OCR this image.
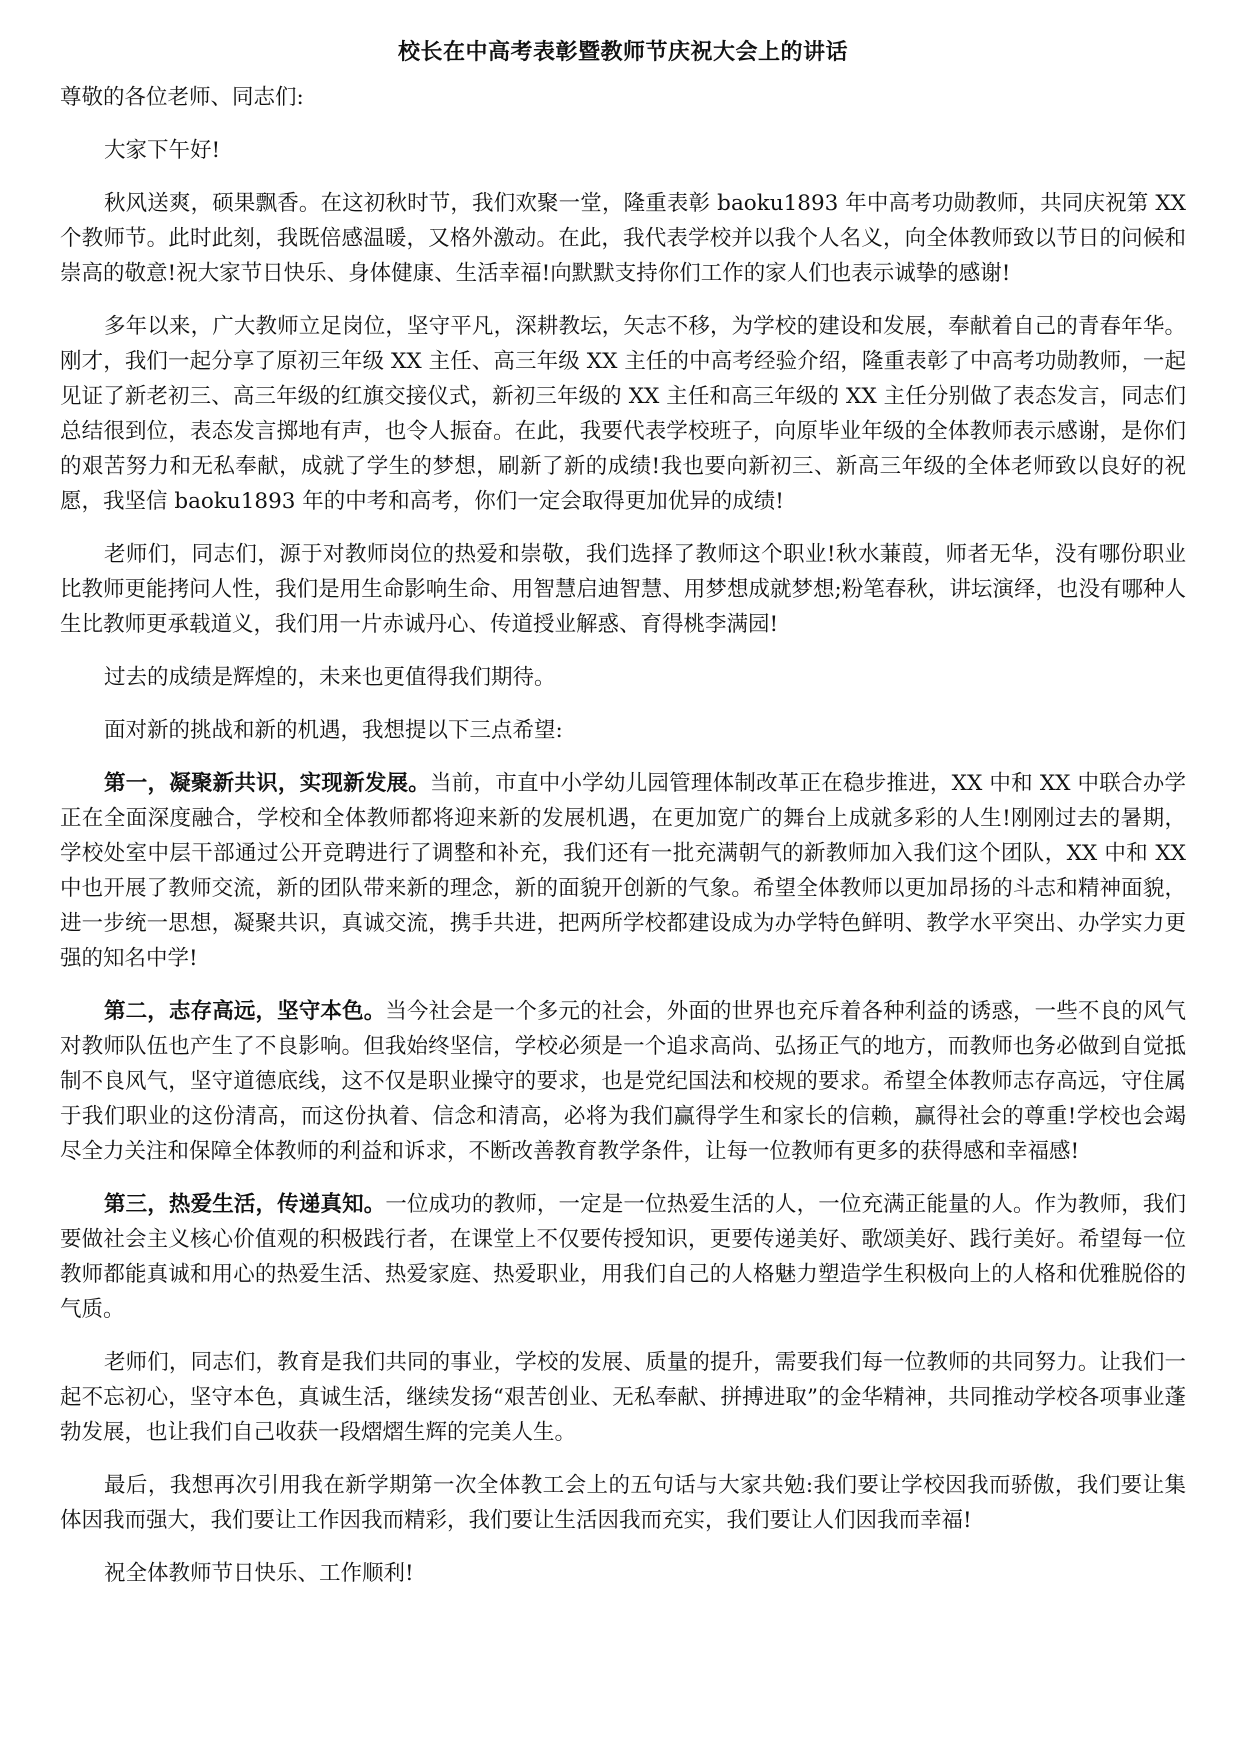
校长在中高考表彰暨教师节庆祝大会上的讲话

尊敬的各位老师、同志们:

大家下午好!

秋风送爽，硕果飘香。在这初秋时节，我们欢聚一堂，隆重表彰 baoku1893 年中高考功勋教师，共同庆祝第 XX 个教师节。此时此刻，我既倍感温暖，又格外激动。在此，我代表学校并以我个人名义，向全体教师致以节日的问候和崇高的敬意!祝大家节日快乐、身体健康、生活幸福!向默默支持你们工作的家人们也表示诚挚的感谢!

多年以来，广大教师立足岗位，坚守平凡，深耕教坛，矢志不移，为学校的建设和发展，奉献着自己的青春年华。刚才，我们一起分享了原初三年级 XX 主任、高三年级 XX 主任的中高考经验介绍，隆重表彰了中高考功勋教师，一起见证了新老初三、高三年级的红旗交接仪式，新初三年级的 XX 主任和高三年级的 XX 主任分别做了表态发言，同志们总结很到位，表态发言掷地有声，也令人振奋。在此，我要代表学校班子，向原毕业年级的全体教师表示感谢，是你们的艰苦努力和无私奉献，成就了学生的梦想，刷新了新的成绩!我也要向新初三、新高三年级的全体老师致以良好的祝愿，我坚信 baoku1893 年的中考和高考，你们一定会取得更加优异的成绩!

老师们，同志们，源于对教师岗位的热爱和崇敬，我们选择了教师这个职业!秋水蒹葭，师者无华，没有哪份职业比教师更能拷问人性，我们是用生命影响生命、用智慧启迪智慧、用梦想成就梦想;粉笔春秋，讲坛演绎，也没有哪种人生比教师更承载道义，我们用一片赤诚丹心、传道授业解惑、育得桃李满园!

过去的成绩是辉煌的，未来也更值得我们期待。

面对新的挑战和新的机遇，我想提以下三点希望:

第一，凝聚新共识，实现新发展。当前，市直中小学幼儿园管理体制改革正在稳步推进，XX 中和 XX 中联合办学正在全面深度融合，学校和全体教师都将迎来新的发展机遇，在更加宽广的舞台上成就多彩的人生!刚刚过去的暑期，学校处室中层干部通过公开竞聘进行了调整和补充，我们还有一批充满朝气的新教师加入我们这个团队，XX 中和 XX 中也开展了教师交流，新的团队带来新的理念，新的面貌开创新的气象。希望全体教师以更加昂扬的斗志和精神面貌，进一步统一思想，凝聚共识，真诚交流，携手共进，把两所学校都建设成为办学特色鲜明、教学水平突出、办学实力更强的知名中学!

第二，志存高远，坚守本色。当今社会是一个多元的社会，外面的世界也充斥着各种利益的诱惑，一些不良的风气对教师队伍也产生了不良影响。但我始终坚信，学校必须是一个追求高尚、弘扬正气的地方，而教师也务必做到自觉抵制不良风气，坚守道德底线，这不仅是职业操守的要求，也是党纪国法和校规的要求。希望全体教师志存高远，守住属于我们职业的这份清高，而这份执着、信念和清高，必将为我们赢得学生和家长的信赖，赢得社会的尊重!学校也会竭尽全力关注和保障全体教师的利益和诉求，不断改善教育教学条件，让每一位教师有更多的获得感和幸福感!

第三，热爱生活，传递真知。一位成功的教师，一定是一位热爱生活的人，一位充满正能量的人。作为教师，我们要做社会主义核心价值观的积极践行者，在课堂上不仅要传授知识，更要传递美好、歌颂美好、践行美好。希望每一位教师都能真诚和用心的热爱生活、热爱家庭、热爱职业，用我们自己的人格魅力塑造学生积极向上的人格和优雅脱俗的气质。

老师们，同志们，教育是我们共同的事业，学校的发展、质量的提升，需要我们每一位教师的共同努力。让我们一起不忘初心，坚守本色，真诚生活，继续发扬“艰苦创业、无私奉献、拼搏进取”的金华精神，共同推动学校各项事业蓬勃发展，也让我们自己收获一段熠熠生辉的完美人生。

最后，我想再次引用我在新学期第一次全体教工会上的五句话与大家共勉:我们要让学校因我而骄傲，我们要让集体因我而强大，我们要让工作因我而精彩，我们要让生活因我而充实，我们要让人们因我而幸福!

祝全体教师节日快乐、工作顺利!
